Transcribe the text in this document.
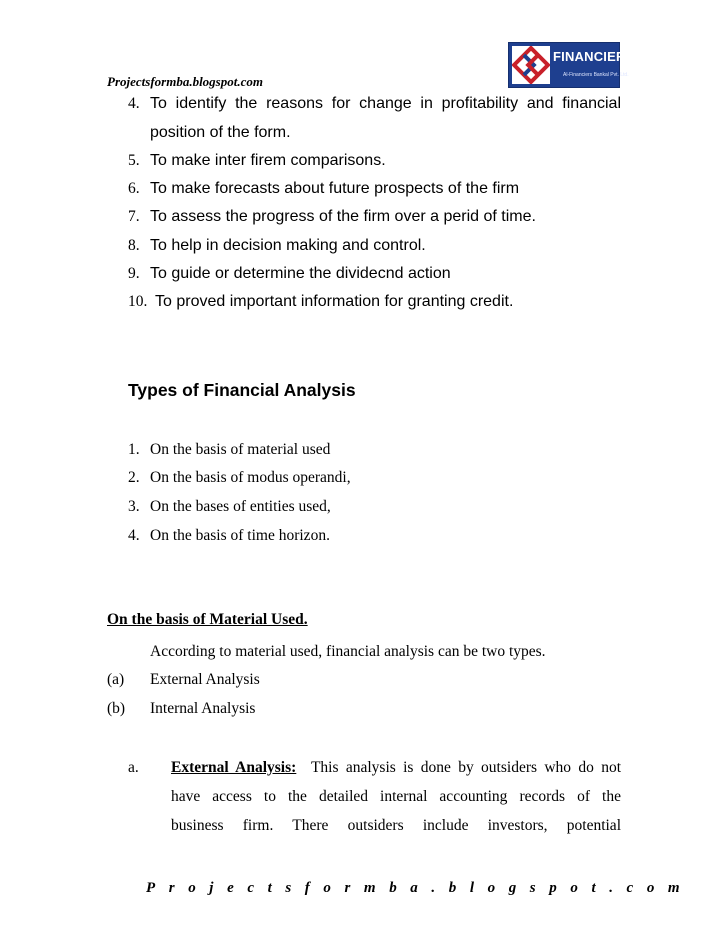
Projectsformba.blogspot.com
FINANCIERs
Al-Financiers Bankal Pvt. Ltd.
4. To identify the reasons for change in profitability and financial
position of the form.
5. To make inter firem comparisons.
6. To make forecasts about future prospects of the firm
7. To assess the progress of the firm over a perid of time.
8. To help in decision making and control.
9. To guide or determine the dividecnd action
10. To proved important information for granting credit.
Types of Financial Analysis
1. On the basis of material used
2. On the basis of modus operandi,
3. On the bases of entities used,
4. On the basis of time horizon.
On the basis of Material Used.
According to material used, financial analysis can be two types.
(a) External Analysis
(b) Internal Analysis
a. External Analysis: This analysis is done by outsiders who do not
have access to the detailed internal accounting records of the
business firm. There outsiders include investors, potential
Projectsformba.blogspot.com
